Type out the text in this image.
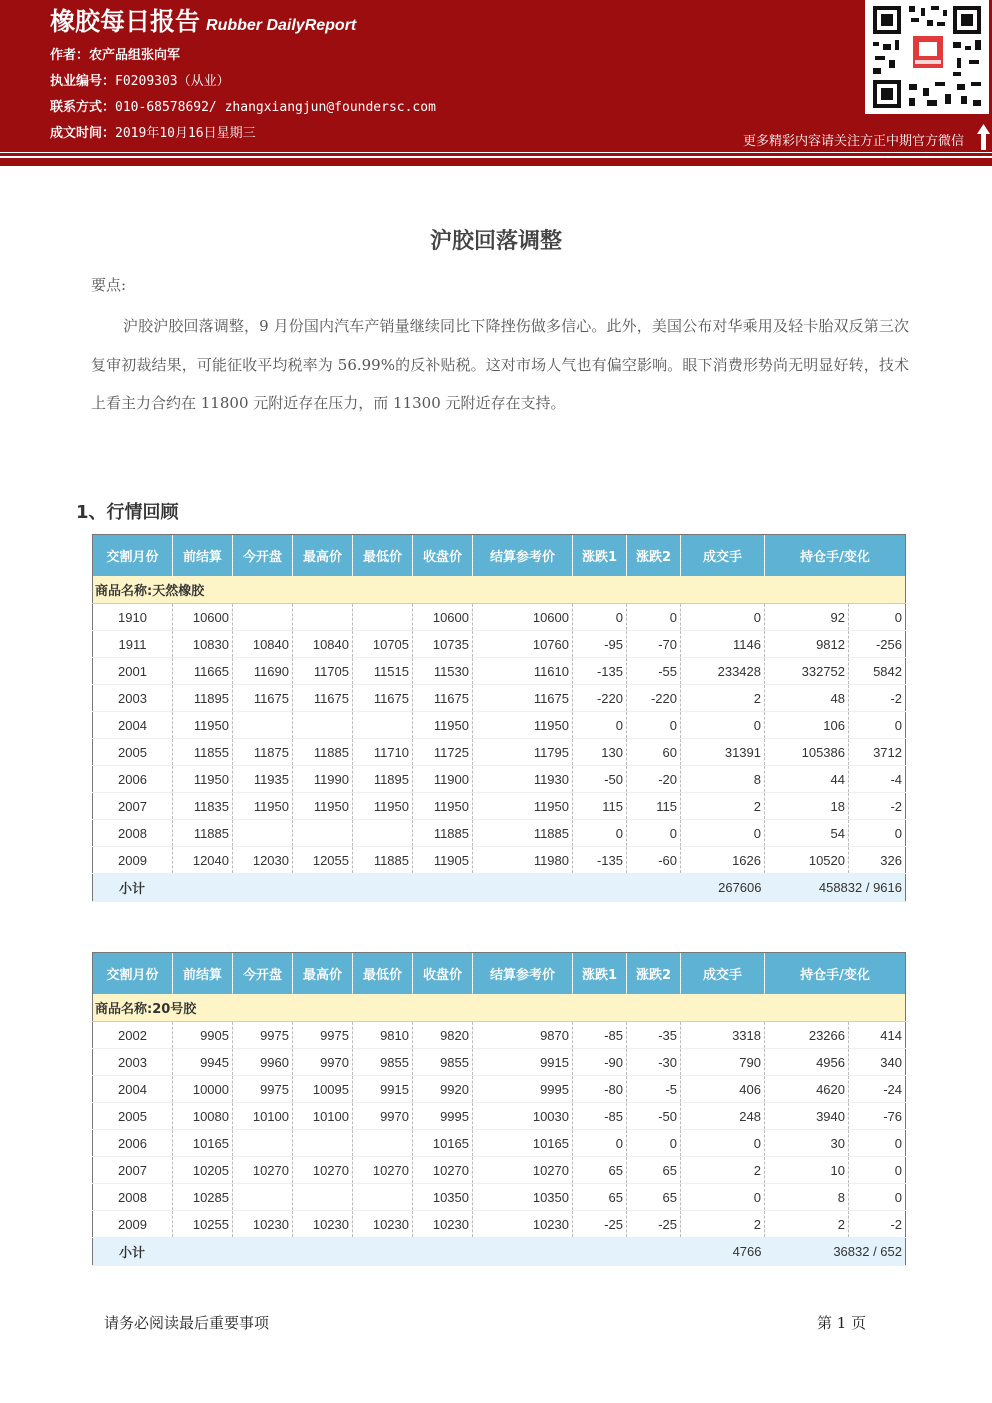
橡胶每日报告 Rubber DailyReport
作者：农产品组张向军
执业编号：F0209303（从业）
联系方式：010-68578692/ zhangxiangjun@foundersc.com
成文时间：2019年10月16日星期三
更多精彩内容请关注方正中期官方微信
沪胶回落调整
要点:
沪胶沪胶回落调整，9 月份国内汽车产销量继续同比下降挫伤做多信心。此外，美国公布对华乘用及轻卡胎双反第三次复审初裁结果，可能征收平均税率为 56.99%的反补贴税。这对市场人气也有偏空影响。眼下消费形势尚无明显好转，技术上看主力合约在 11800 元附近存在压力，而 11300 元附近存在支持。
1、行情回顾
交割月份	前结算	今开盘	最高价	最低价	收盘价	结算参考价	涨跌1	涨跌2	成交手	持仓手/变化	
商品名称:天然橡胶											
1910	10600				10600	10600	0	0	0	92	0
1911	10830	10840	10840	10705	10735	10760	-95	-70	1146	9812	-256
2001	11665	11690	11705	11515	11530	11610	-135	-55	233428	332752	5842
2003	11895	11675	11675	11675	11675	11675	-220	-220	2	48	-2
2004	11950				11950	11950	0	0	0	106	0
2005	11855	11875	11885	11710	11725	11795	130	60	31391	105386	3712
2006	11950	11935	11990	11895	11900	11930	-50	-20	8	44	-4
2007	11835	11950	11950	11950	11950	11950	115	115	2	18	-2
2008	11885				11885	11885	0	0	0	54	0
2009	12040	12030	12055	11885	11905	11980	-135	-60	1626	10520	326
小计									267606	458832 / 9616	
交割月份	前结算	今开盘	最高价	最低价	收盘价	结算参考价	涨跌1	涨跌2	成交手	持仓手/变化	
商品名称:20号胶											
2002	9905	9975	9975	9810	9820	9870	-85	-35	3318	23266	414
2003	9945	9960	9970	9855	9855	9915	-90	-30	790	4956	340
2004	10000	9975	10095	9915	9920	9995	-80	-5	406	4620	-24
2005	10080	10100	10100	9970	9995	10030	-85	-50	248	3940	-76
2006	10165				10165	10165	0	0	0	30	0
2007	10205	10270	10270	10270	10270	10270	65	65	2	10	0
2008	10285				10350	10350	65	65	0	8	0
2009	10255	10230	10230	10230	10230	10230	-25	-25	2	2	-2
小计									4766	36832 / 652	
请务必阅读最后重要事项	第 1 页
